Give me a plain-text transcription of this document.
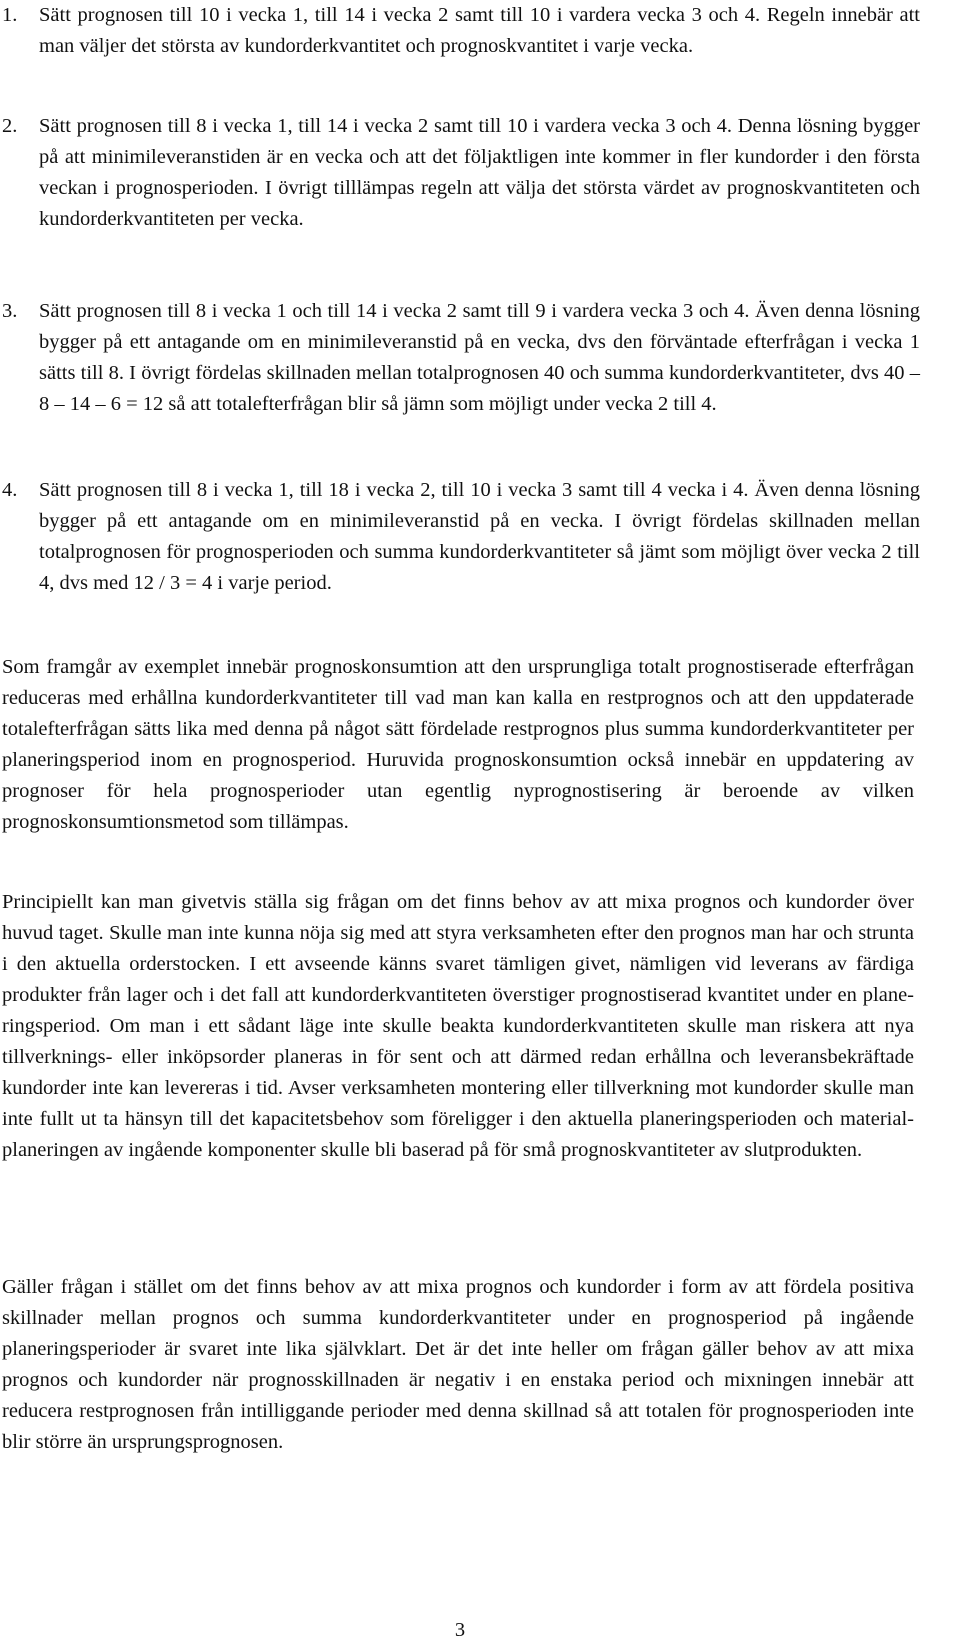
1.	Sätt prognosen till 10 i vecka 1, till 14 i vecka 2 samt till 10 i vardera vecka 3 och 4. Regeln innebär att man väljer det största av kundorderkvantitet och prognoskvantitet i varje vecka.
2.	Sätt prognosen till 8 i vecka 1, till 14 i vecka 2 samt till 10 i vardera vecka 3 och 4. Denna lösning bygger på att minimileveranstiden är en vecka och att det följaktligen inte kommer in fler kundorder i den första veckan i prognosperioden. I övrigt tilllämpas regeln att välja det största värdet av prognoskvantiteten och kundorderkvantiteten per vecka.
3.	Sätt prognosen till 8 i vecka 1 och till 14 i vecka 2 samt till 9 i vardera vecka 3 och 4. Även denna lösning bygger på ett antagande om en minimileveranstid på en vecka, dvs den förväntade efterfrågan i vecka 1 sätts till 8. I övrigt fördelas skillnaden mellan totalprognosen 40 och summa kundorderkvantiteter, dvs 40 – 8 – 14 – 6 = 12 så att totalefterfrågan blir så jämn som möjligt under vecka 2 till 4.
4.	Sätt prognosen till 8 i vecka 1, till 18 i vecka 2, till 10 i vecka 3 samt till 4 vecka i 4. Även denna lösning bygger på ett antagande om en minimileveranstid på en vecka. I övrigt fördelas skillnaden mellan totalprognosen för prognosperioden och summa kundorderkvantiteter så jämt som möjligt över vecka 2 till 4, dvs med 12 / 3 = 4 i varje period.

Som framgår av exemplet innebär prognoskonsumtion att den ursprungliga totalt prognostiserade efterfrågan reduceras med erhållna kundorderkvantiteter till vad man kan kalla en restprognos och att den uppdaterade totalefterfrågan sätts lika med denna på något sätt fördelade restprognos plus summa kundorderkvantiteter per planeringsperiod inom en prognosperiod. Huruvida prognoskonsumtion också innebär en uppdatering av prognoser för hela prognosperioder utan egentlig nyprognostisering är beroende av vilken prognoskonsumtionsmetod som tillämpas.

Principiellt kan man givetvis ställa sig frågan om det finns behov av att mixa prognos och kundorder över huvud taget. Skulle man inte kunna nöja sig med att styra verksamheten efter den prognos man har och strunta i den aktuella orderstocken. I ett avseende känns svaret tämligen givet, nämligen vid leverans av färdiga produkter från lager och i det fall att kundorderkvantiteten överstiger prognostiserad kvantitet under en planeringsperiod. Om man i ett sådant läge inte skulle beakta kundorderkvantiteten skulle man riskera att nya tillverknings- eller inköpsorder planeras in för sent och att därmed redan erhållna och leveransbekräftade kundorder inte kan levereras i tid. Avser verksamheten montering eller tillverkning mot kundorder skulle man inte fullt ut ta hänsyn till det kapacitetsbehov som föreligger i den aktuella planeringsperioden och materialplaneringen av ingående komponenter skulle bli baserad på för små prognoskvantiteter av slutprodukten.

Gäller frågan i stället om det finns behov av att mixa prognos och kundorder i form av att fördela positiva skillnader mellan prognos och summa kundorderkvantiteter under en prognosperiod på ingående planeringsperioder är svaret inte lika självklart. Det är det inte heller om frågan gäller behov av att mixa prognos och kundorder när prognosskillnaden är negativ i en enstaka period och mixningen innebär att reducera restprognosen från intilliggande perioder med denna skillnad så att totalen för prognosperioden inte blir större än ursprungsprognosen.

3
